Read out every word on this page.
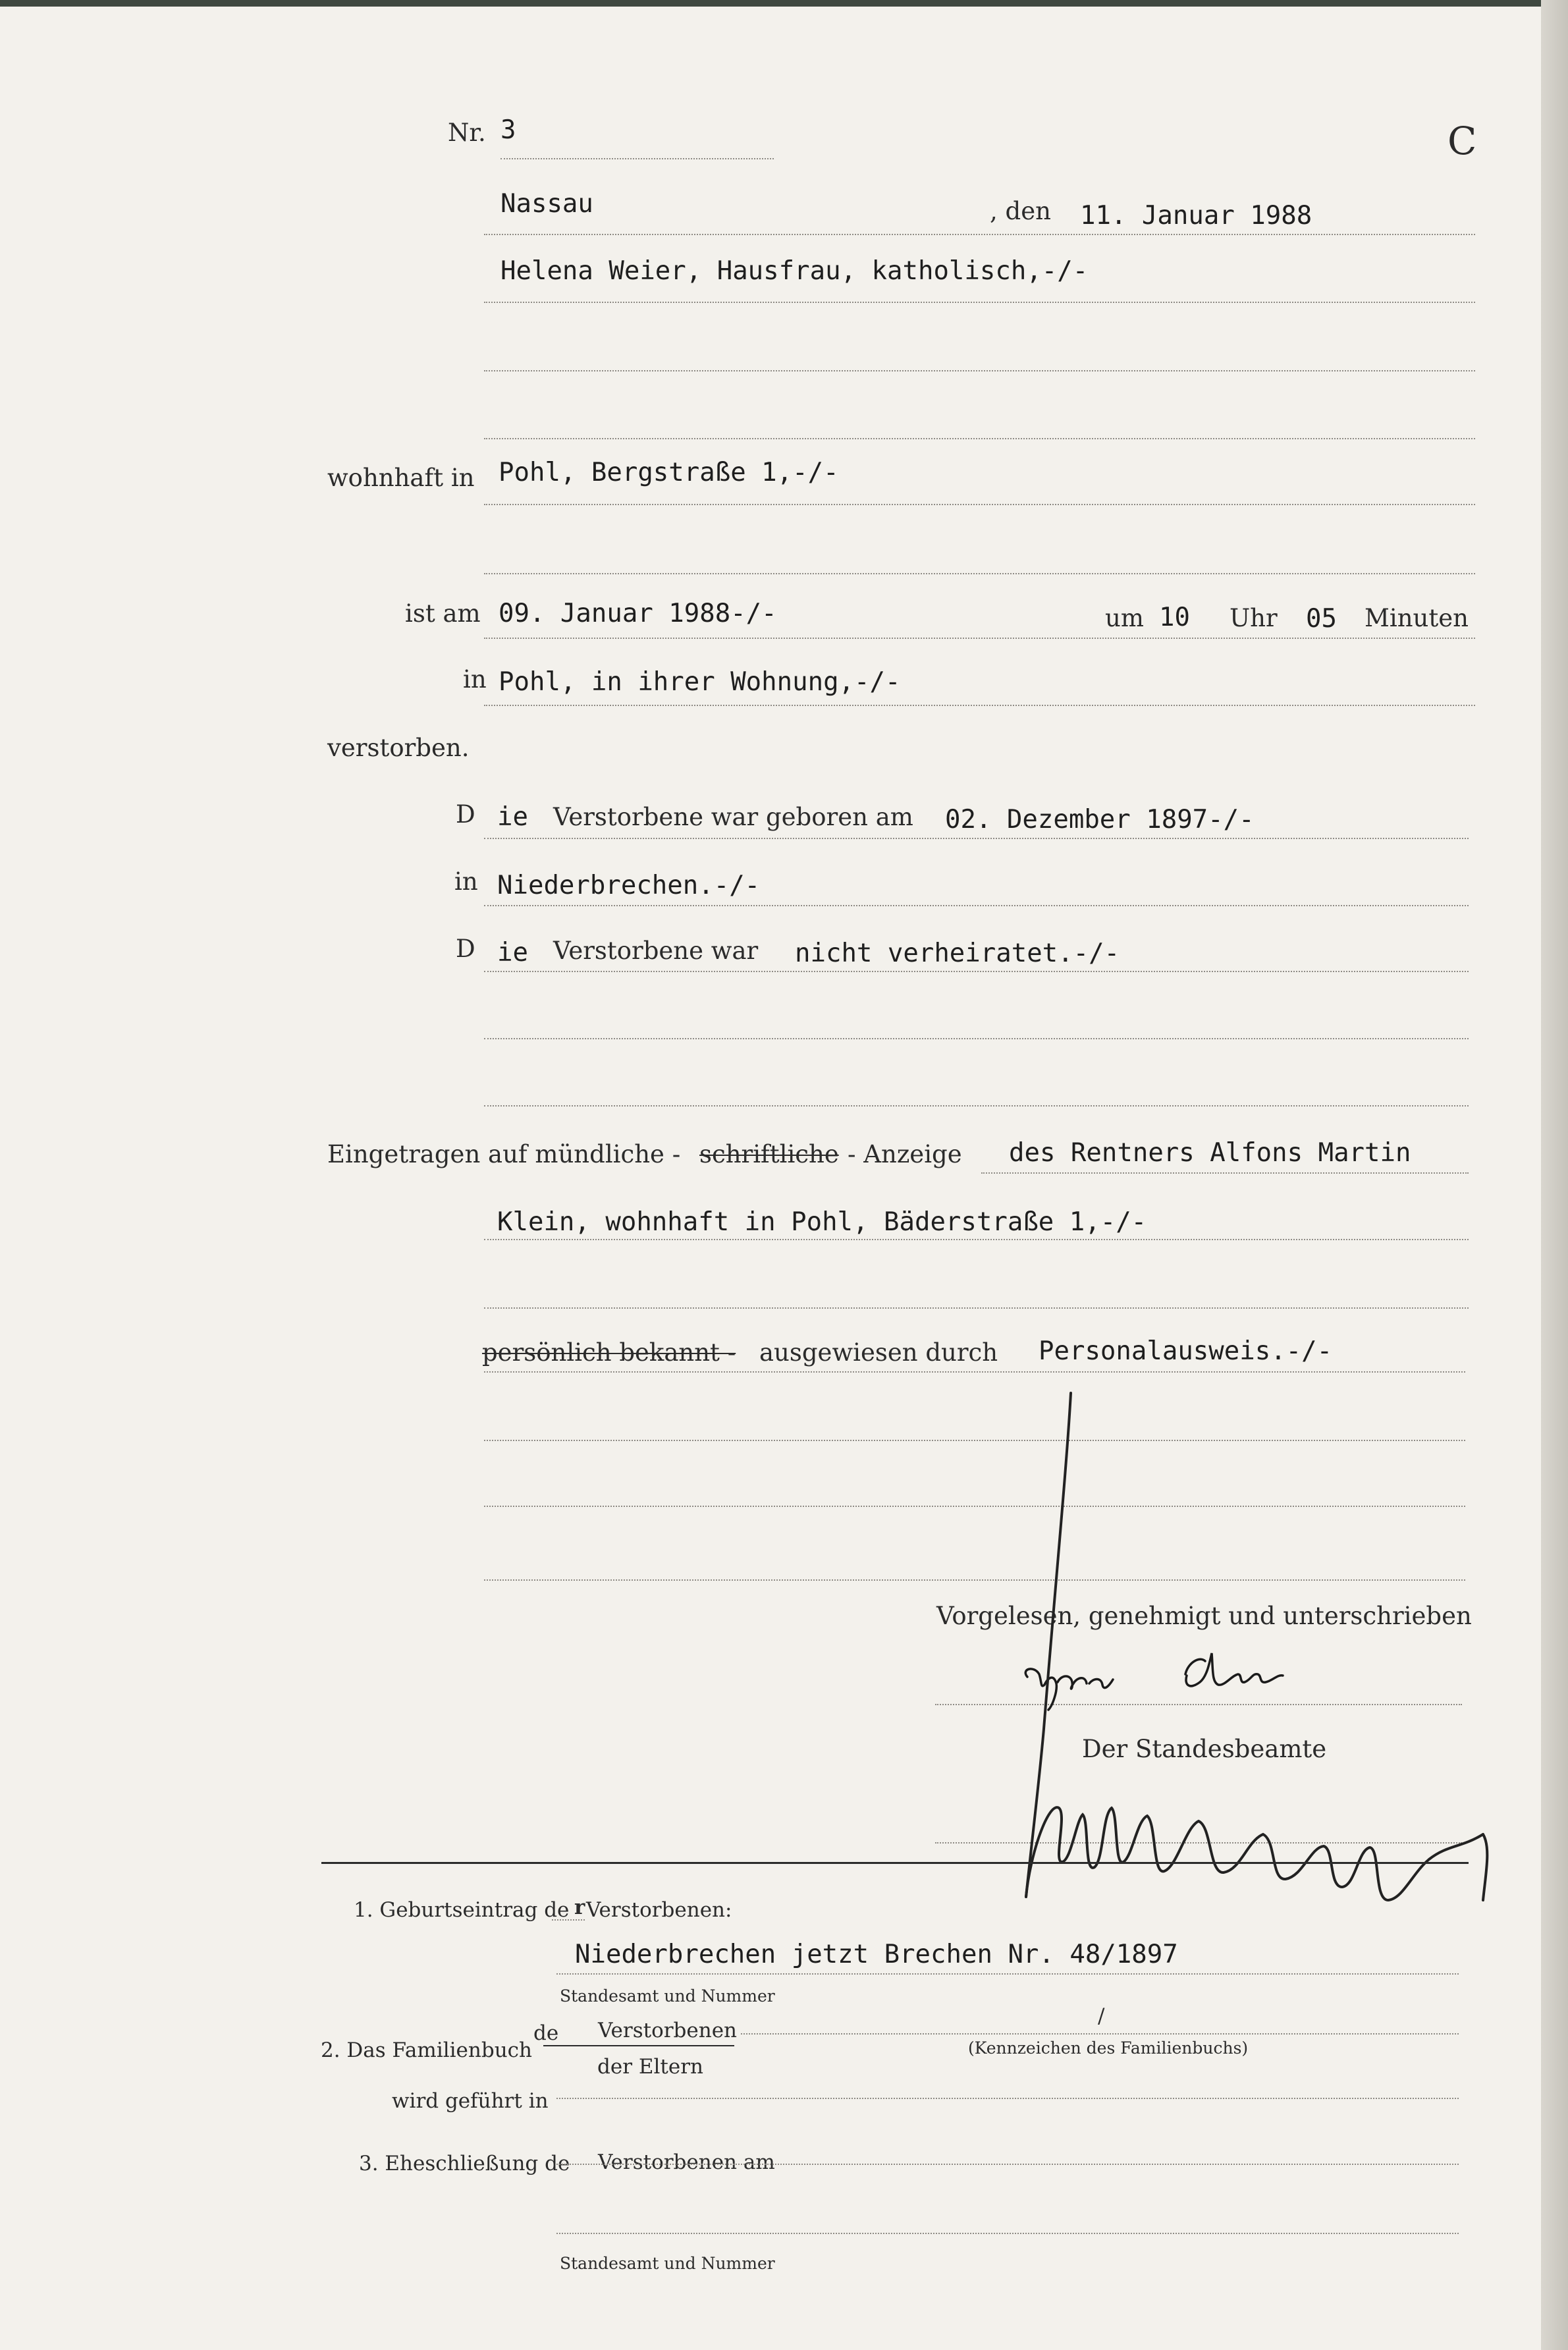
C
Nr. 3
Nassau	, den 11. Januar 1988
Helena Weier, Hausfrau, katholisch,-/-
wohnhaft in Pohl, Bergstraße 1,-/-
ist am 09. Januar 1988-/-	um 10 Uhr 05 Minuten
in Pohl, in ihrer Wohnung,-/-
verstorben.
D ie Verstorbene war geboren am 02. Dezember 1897-/-
in Niederbrechen.-/-
D ie Verstorbene war nicht verheiratet.-/-
Eingetragen auf mündliche - schriftliche - Anzeige des Rentners Alfons Martin
Klein, wohnhaft in Pohl, Bäderstraße 1,-/-
persönlich bekannt - ausgewiesen durch Personalausweis.-/-
Vorgelesen, genehmigt und unterschrieben
Der Standesbeamte
1. Geburtseintrag de r Verstorbenen:
Niederbrechen jetzt Brechen Nr. 48/1897
Standesamt und Nummer
2. Das Familienbuch
de Verstorbenen
der Eltern
/
(Kennzeichen des Familienbuchs)
wird geführt in
3. Eheschließung de Verstorbenen am
Standesamt und Nummer
